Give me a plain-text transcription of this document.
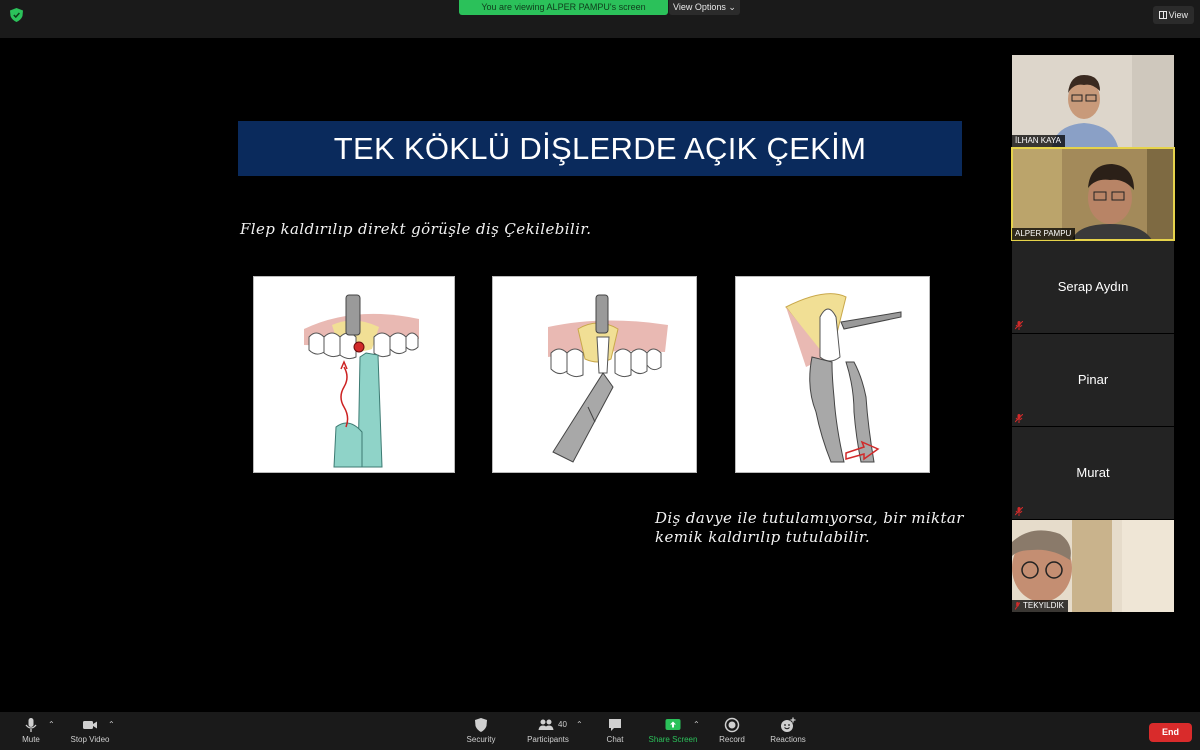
You are viewing ALPER PAMPU's screen	View Options ⌄
View
TEK KÖKLÜ DİŞLERDE AÇIK ÇEKİM
Flep kaldırılıp direkt görüşle diş Çekilebilir.
Diş davye ile tutulamıyorsa, bir miktar
kemik kaldırılıp tutulabilir.
İLHAN KAYA
ALPER PAMPU
Serap Aydın
Pinar
Murat
TEKYILDIK
Mute
⌃
Stop Video
⌃
Security	Participants
40 ⌃
Chat	Share Screen
⌃
Record	Reactions
End
